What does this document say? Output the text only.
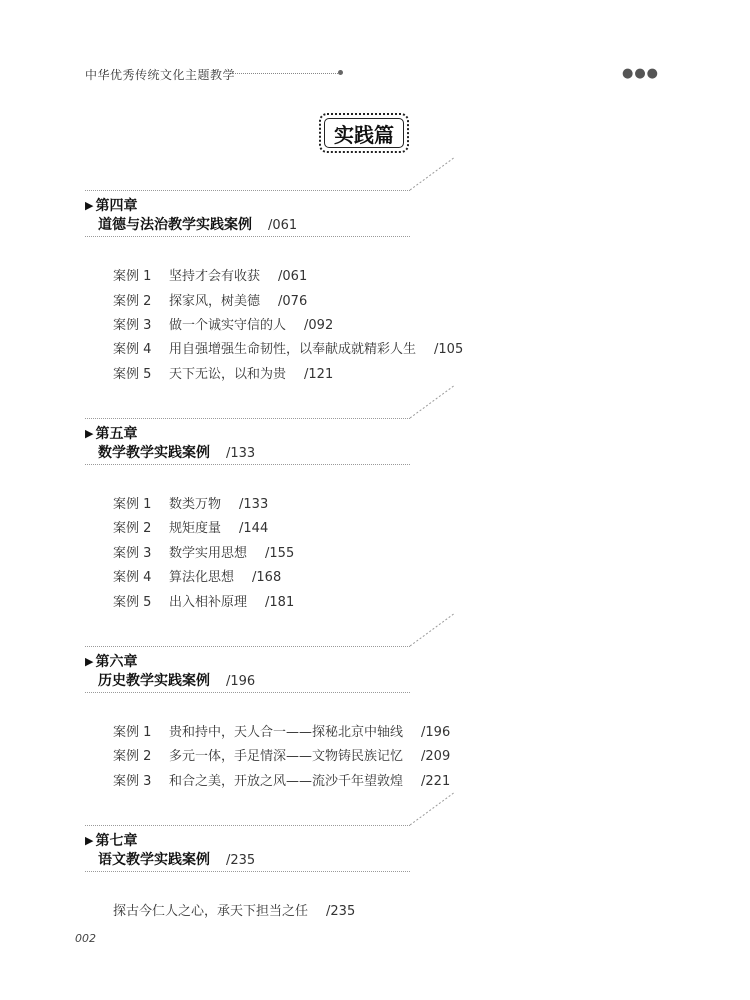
中华优秀传统文化主题教学	●●●
实践篇
▶ 第四章
道德与法治教学实践案例 /061
案例 1 坚持才会有收获 /061
案例 2 探家风，树美德 /076
案例 3 做一个诚实守信的人 /092
案例 4 用自强增强生命韧性，以奉献成就精彩人生 /105
案例 5 天下无讼，以和为贵 /121
▶ 第五章
数学教学实践案例 /133
案例 1 数类万物 /133
案例 2 规矩度量 /144
案例 3 数学实用思想 /155
案例 4 算法化思想 /168
案例 5 出入相补原理 /181
▶ 第六章
历史教学实践案例 /196
案例 1 贵和持中，天人合一——探秘北京中轴线 /196
案例 2 多元一体，手足情深——文物铸民族记忆 /209
案例 3 和合之美，开放之风——流沙千年望敦煌 /221
▶ 第七章
语文教学实践案例 /235
探古今仁人之心，承天下担当之任 /235
002
